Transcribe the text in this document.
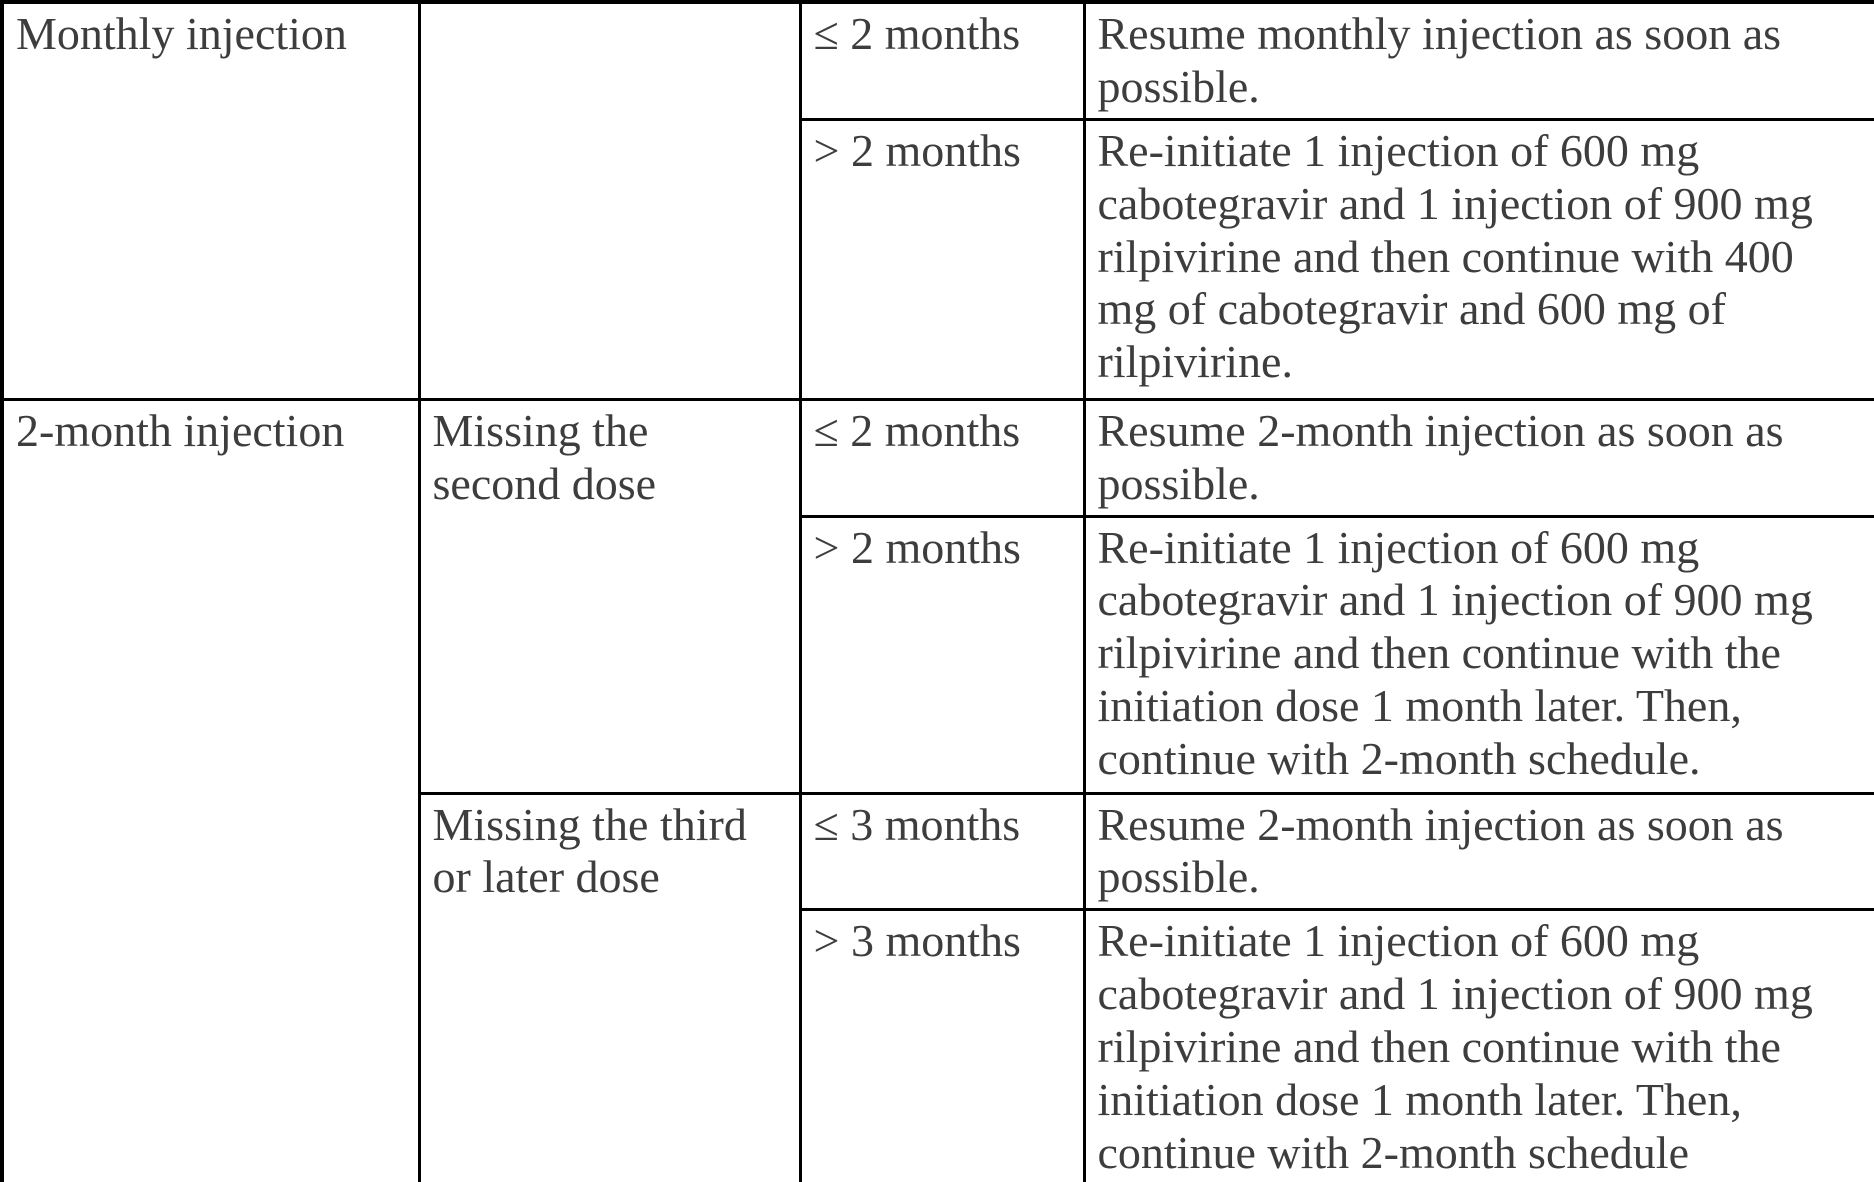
Monthly injection		≤ 2 months	Resume monthly injection as soon as possible.
		> 2 months	Re-initiate 1 injection of 600 mg cabotegravir and 1 injection of 900 mg rilpivirine and then continue with 400 mg of cabotegravir and 600 mg of rilpivirine.
2-month injection	Missing the second dose	≤ 2 months	Resume 2-month injection as soon as possible.
		> 2 months	Re-initiate 1 injection of 600 mg cabotegravir and 1 injection of 900 mg rilpivirine and then continue with the initiation dose 1 month later. Then, continue with 2-month schedule.
	Missing the third or later dose	≤ 3 months	Resume 2-month injection as soon as possible.
		> 3 months	Re-initiate 1 injection of 600 mg cabotegravir and 1 injection of 900 mg rilpivirine and then continue with the initiation dose 1 month later. Then, continue with 2-month schedule
